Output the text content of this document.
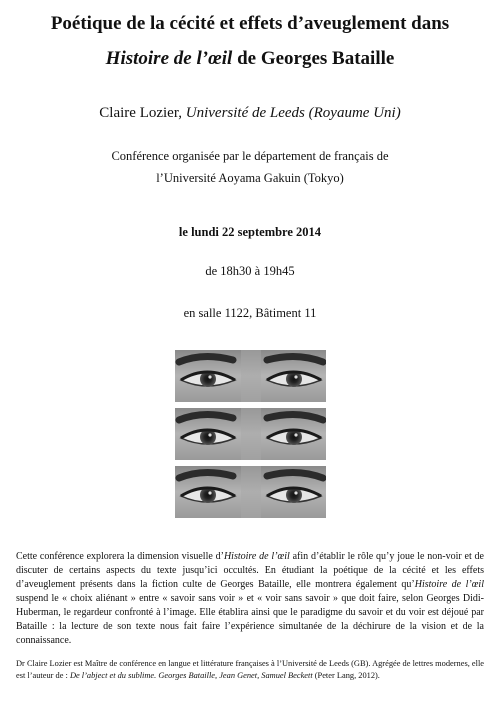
Poétique de la cécité et effets d’aveuglement dans
Histoire de l’œil de Georges Bataille
Claire Lozier, Université de Leeds (Royaume Uni)
Conférence organisée par le département de français de
l’Université Aoyama Gakuin (Tokyo)
le lundi 22 septembre 2014
de 18h30 à 19h45
en salle 1122, Bâtiment 11
Cette conférence explorera la dimension visuelle d’Histoire de l’œil afin d’établir le rôle qu’y joue le non-voir et de discuter de certains aspects du texte jusqu’ici occultés. En étudiant la poétique de la cécité et les effets d’aveuglement présents dans la fiction culte de Georges Bataille, elle montrera également qu’Histoire de l’œil suspend le « choix aliénant » entre « savoir sans voir » et « voir sans savoir » que doit faire, selon Georges Didi-Huberman, le regardeur confronté à l’image. Elle établira ainsi que le paradigme du savoir et du voir est déjoué par Bataille : la lecture de son texte nous fait faire l’expérience simultanée de la déchirure de la vision et de la connaissance.
Dr Claire Lozier est Maître de conférence en langue et littérature françaises à l’Université de Leeds (GB). Agrégée de lettres modernes, elle est l’auteur de : De l’abject et du sublime. Georges Bataille, Jean Genet, Samuel Beckett (Peter Lang, 2012).
